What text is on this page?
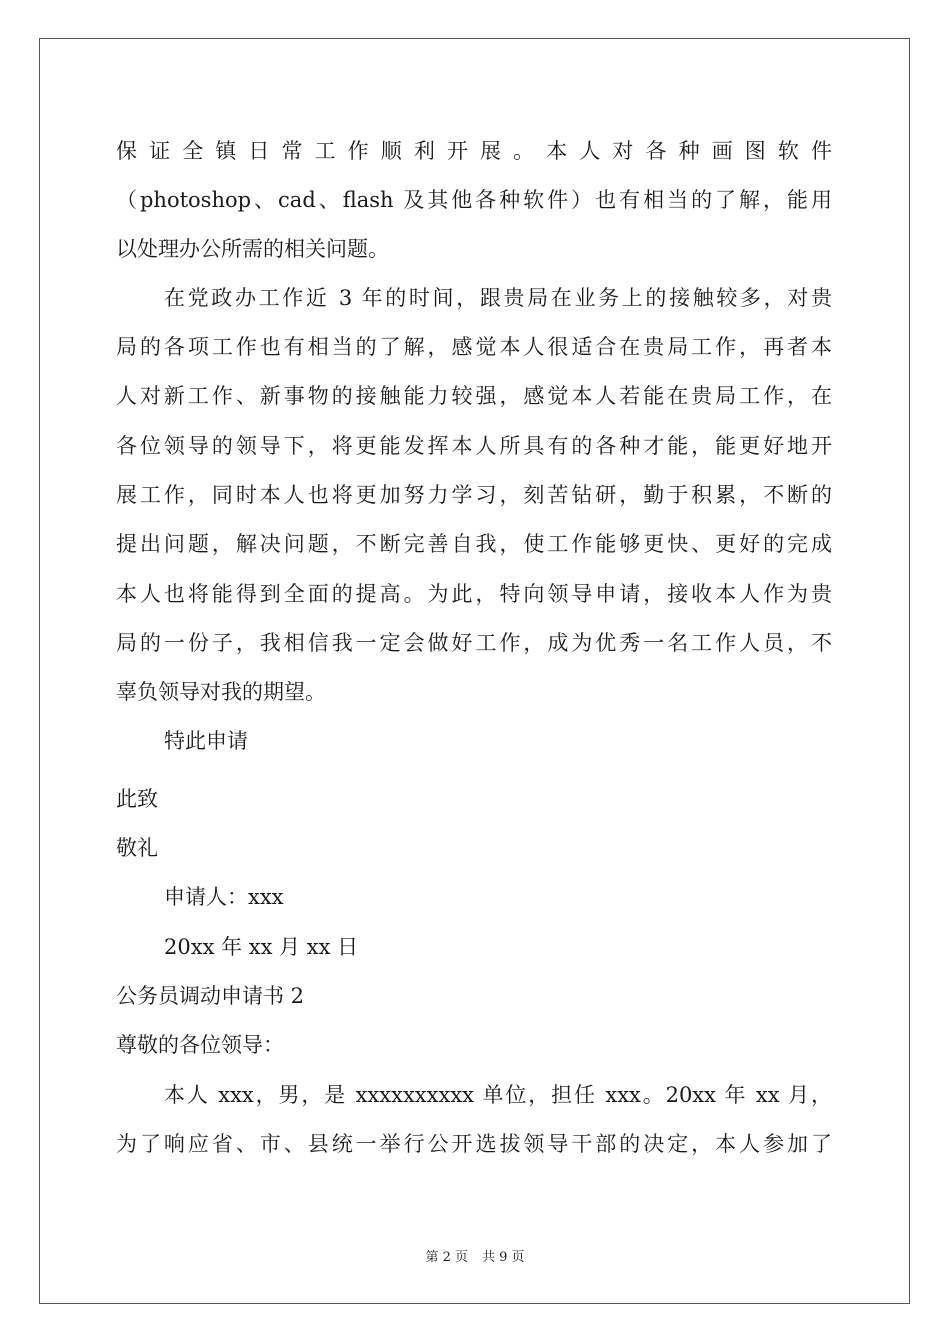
保 证 全 镇 日 常 工 作 顺 利 开 展 。 本 人 对 各 种 画 图 软 件
（photoshop、cad、flash 及其他各种软件）也有相当的了解，能用
以处理办公所需的相关问题。
在党政办工作近 3 年的时间，跟贵局在业务上的接触较多，对贵
局的各项工作也有相当的了解，感觉本人很适合在贵局工作，再者本
人对新工作、新事物的接触能力较强，感觉本人若能在贵局工作，在
各位领导的领导下，将更能发挥本人所具有的各种才能，能更好地开
展工作，同时本人也将更加努力学习，刻苦钻研，勤于积累，不断的
提出问题，解决问题，不断完善自我，使工作能够更快、更好的完成
本人也将能得到全面的提高。为此，特向领导申请，接收本人作为贵
局的一份子，我相信我一定会做好工作，成为优秀一名工作人员，不
辜负领导对我的期望。
特此申请
此致
敬礼
申请人：xxx
20xx 年 xx 月 xx 日
公务员调动申请书 2
尊敬的各位领导：
本人 xxx，男，是 xxxxxxxxxx 单位，担任 xxx。20xx 年 xx 月，
为了响应省、市、县统一举行公开选拔领导干部的决定，本人参加了
第 2 页 共 9 页
